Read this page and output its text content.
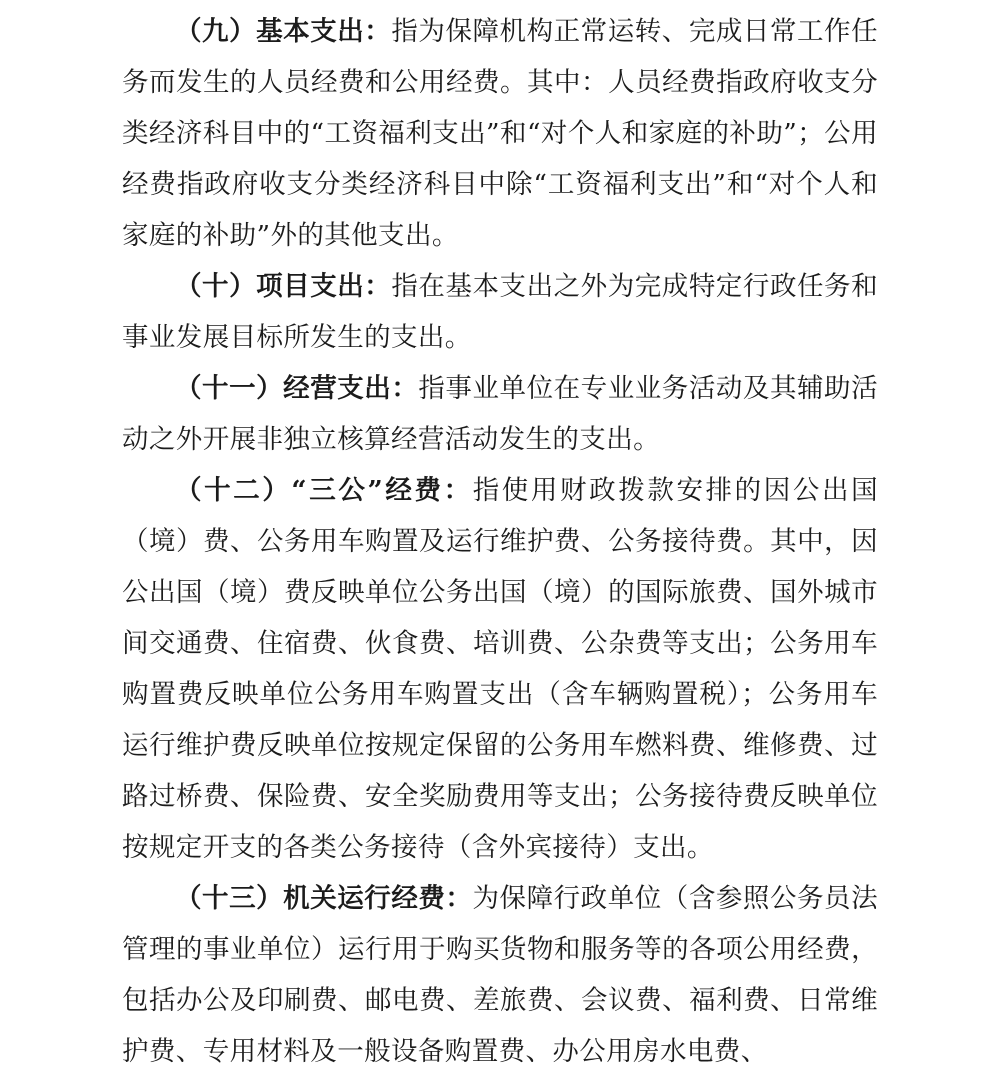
（九）基本支出：指为保障机构正常运转、完成日常工作任务而发生的人员经费和公用经费。其中：人员经费指政府收支分类经济科目中的“工资福利支出”和“对个人和家庭的补助”；公用经费指政府收支分类经济科目中除“工资福利支出”和“对个人和家庭的补助”外的其他支出。

（十）项目支出：指在基本支出之外为完成特定行政任务和事业发展目标所发生的支出。

（十一）经营支出：指事业单位在专业业务活动及其辅助活动之外开展非独立核算经营活动发生的支出。

（十二）“三公”经费：指使用财政拨款安排的因公出国（境）费、公务用车购置及运行维护费、公务接待费。其中，因公出国（境）费反映单位公务出国（境）的国际旅费、国外城市间交通费、住宿费、伙食费、培训费、公杂费等支出；公务用车购置费反映单位公务用车购置支出（含车辆购置税）；公务用车运行维护费反映单位按规定保留的公务用车燃料费、维修费、过路过桥费、保险费、安全奖励费用等支出；公务接待费反映单位按规定开支的各类公务接待（含外宾接待）支出。

（十三）机关运行经费：为保障行政单位（含参照公务员法管理的事业单位）运行用于购买货物和服务等的各项公用经费，包括办公及印刷费、邮电费、差旅费、会议费、福利费、日常维护费、专用材料及一般设备购置费、办公用房水电费、
